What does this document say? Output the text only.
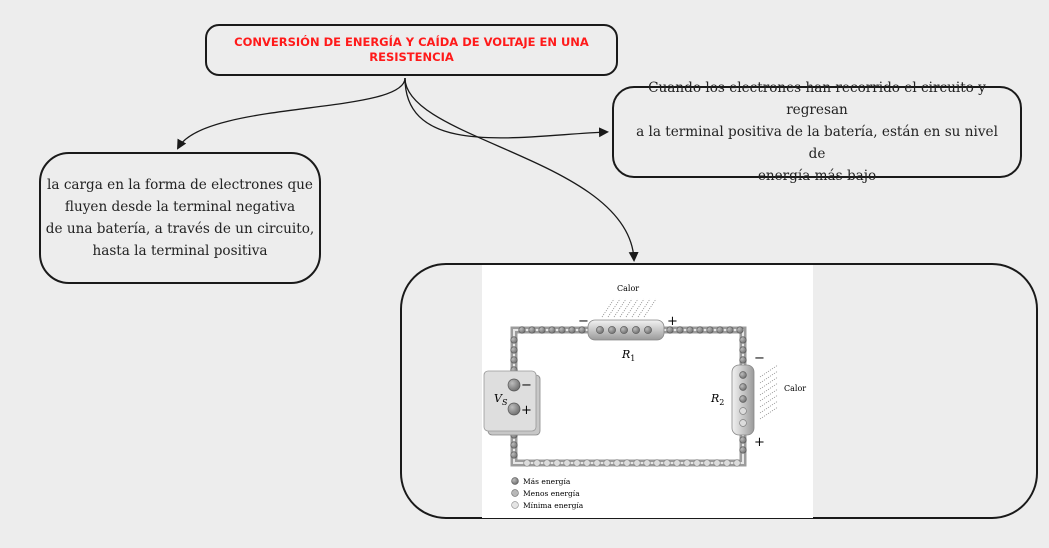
CONVERSIÓN DE ENERGÍA Y CAÍDA DE VOLTAJE EN UNA RESISTENCIA
la carga en la forma de electrones que
fluyen desde la terminal negativa
de una batería, a través de un circuito,
hasta la terminal positiva
Cuando los electrones han recorrido el circuito y regresan
a la terminal positiva de la batería, están en su nivel de
energía más bajo
−	+
$R_1$
Calor
−
+
$R_2$
Calor
−
+
$V_S$
Más energía
Menos energía
Mínima energía
